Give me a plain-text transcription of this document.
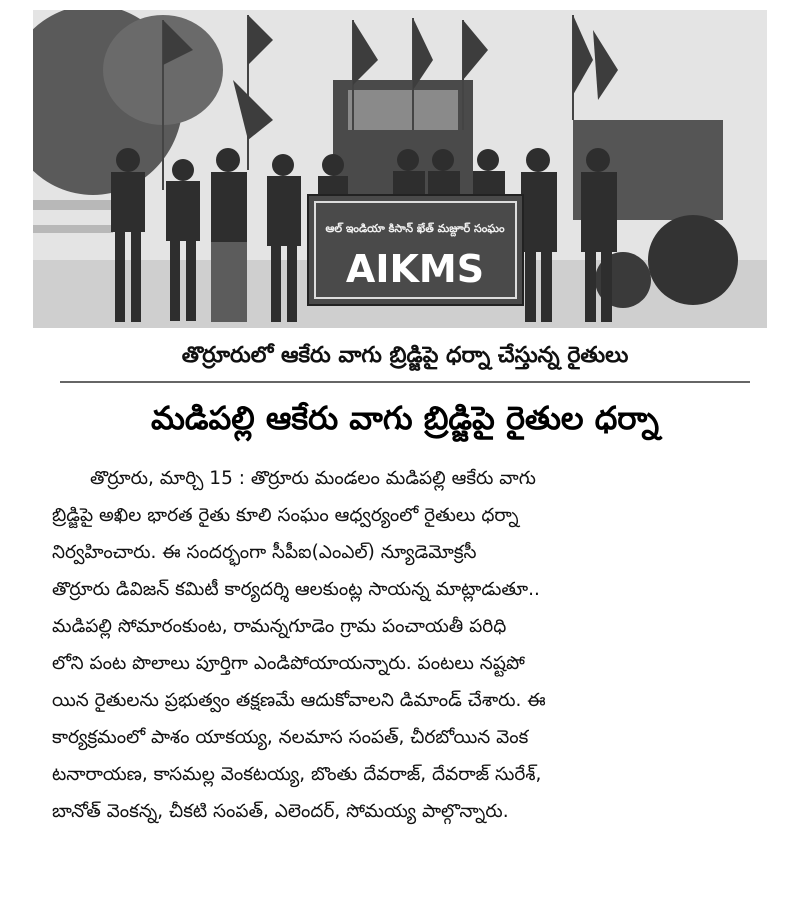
ఆల్ ఇండియా కిసాన్ ఖేత్ మజ్దూర్ సంఘం
AIKMS
తొర్రూరులో ఆకేరు వాగు బ్రిడ్జిపై ధర్నా చేస్తున్న రైతులు
మడిపల్లి ఆకేరు వాగు బ్రిడ్జిపై రైతుల ధర్నా
తొర్రూరు, మార్చి 15 : తొర్రూరు మండలం మడిపల్లి ఆకేరు వాగు
బ్రిడ్జిపై అఖిల భారత రైతు కూలి సంఘం ఆధ్వర్యంలో రైతులు ధర్నా
నిర్వహించారు. ఈ సందర్భంగా సీపీఐ(ఎంఎల్) న్యూడెమోక్రసీ
తొర్రూరు డివిజన్ కమిటీ కార్యదర్శి ఆలకుంట్ల సాయన్న మాట్లాడుతూ..
మడిపల్లి సోమారంకుంట, రామన్నగూడెం గ్రామ పంచాయతీ పరిధి
లోని పంట పొలాలు పూర్తిగా ఎండిపోయాయన్నారు. పంటలు నష్టపో
యిన రైతులను ప్రభుత్వం తక్షణమే ఆదుకోవాలని డిమాండ్ చేశారు. ఈ
కార్యక్రమంలో పాశం యాకయ్య, నలమాస సంపత్, చీరబోయిన వెంక
టనారాయణ, కాసమల్ల వెంకటయ్య, బొంతు దేవరాజ్, దేవరాజ్ సురేశ్,
బానోత్ వెంకన్న, చీకటి సంపత్, ఎలెందర్, సోమయ్య పాల్గొన్నారు.
